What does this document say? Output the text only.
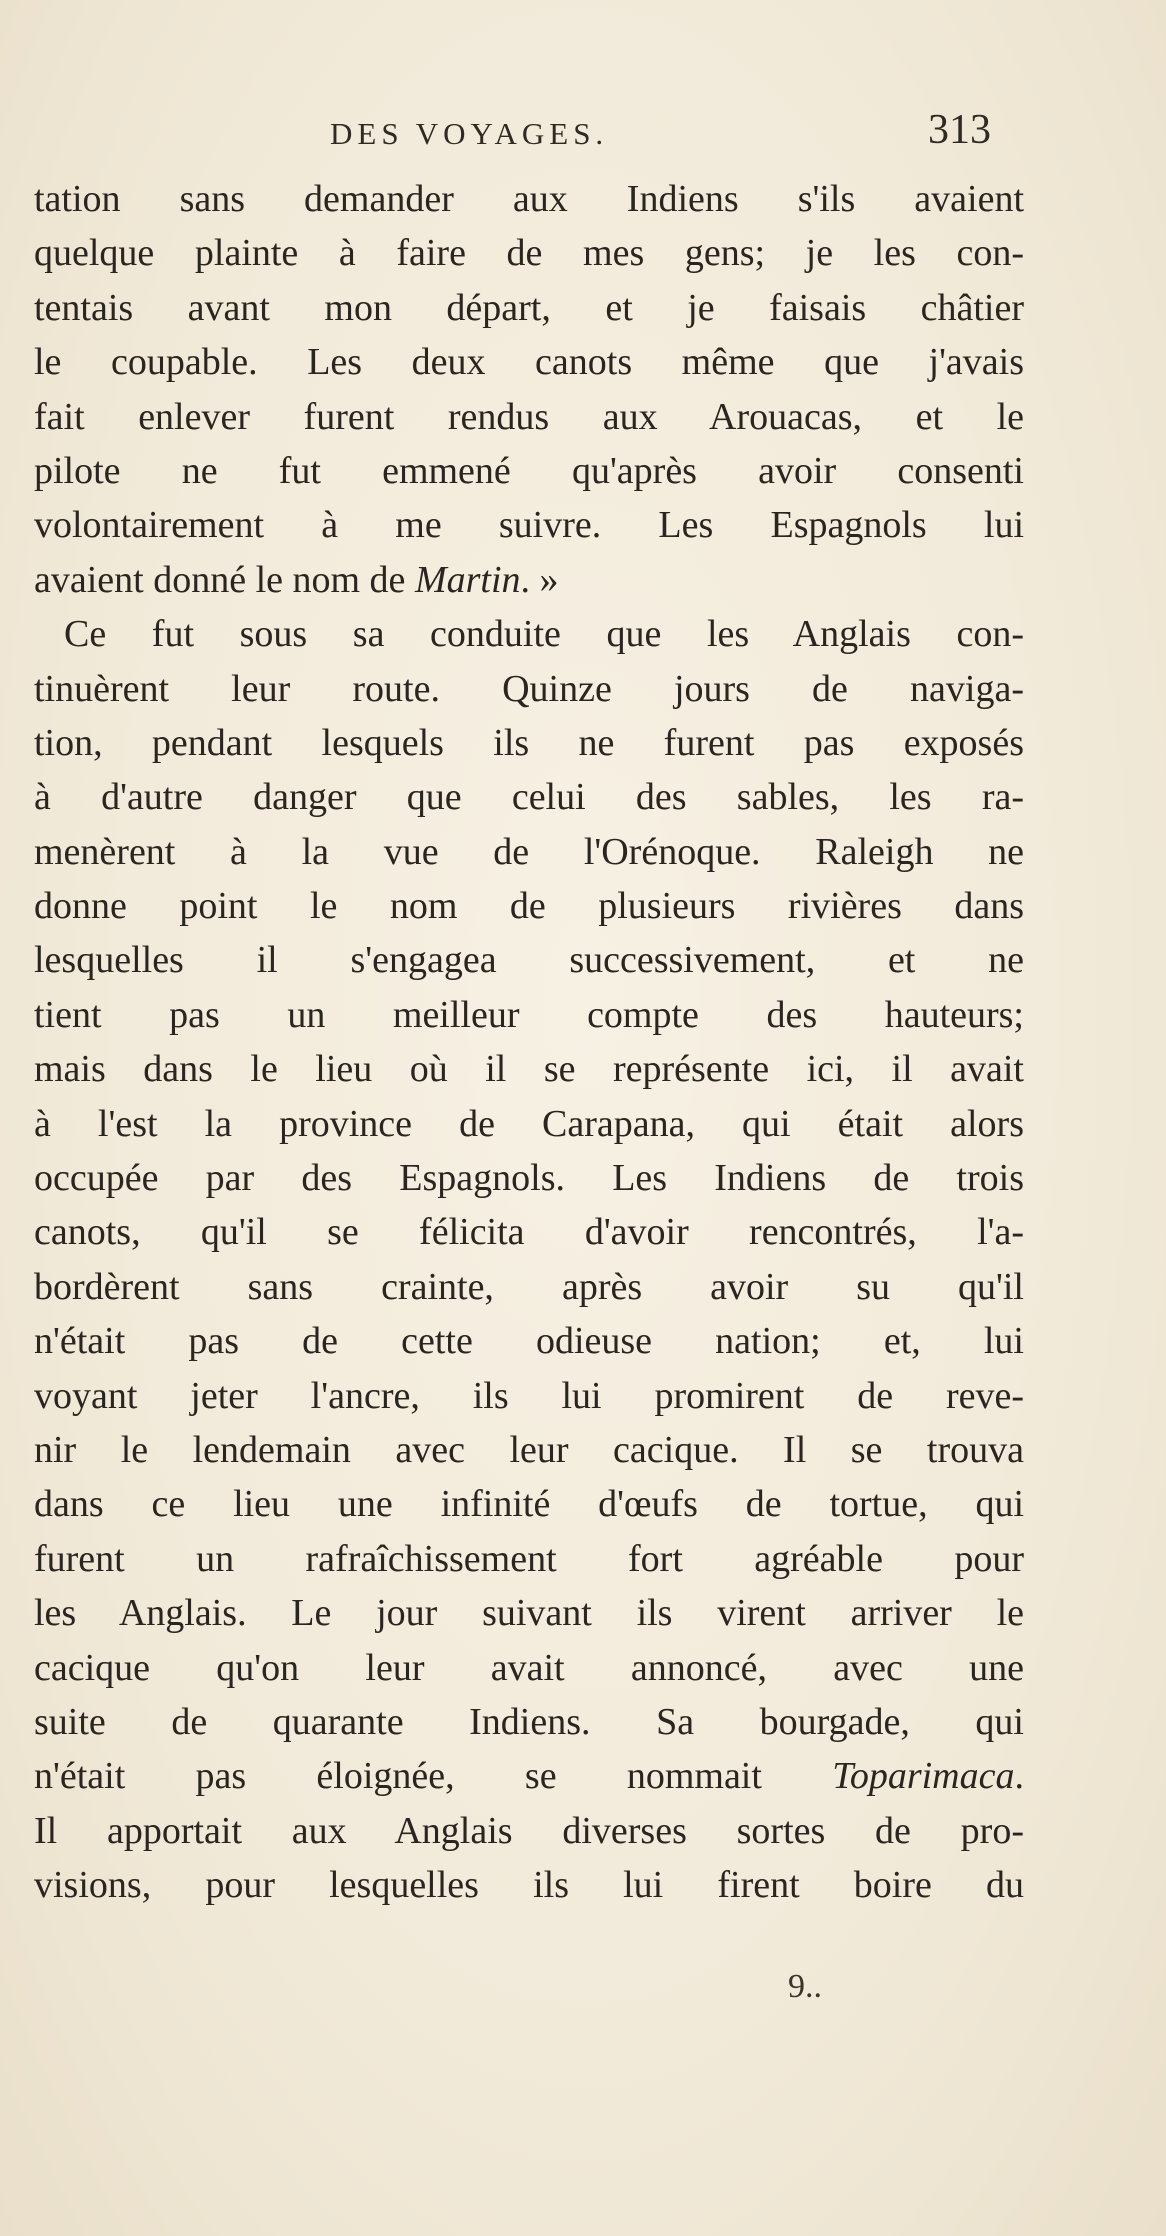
DES VOYAGES.	313
tation sans demander aux Indiens s'ils avaient
quelque plainte à faire de mes gens; je les con-
tentais avant mon départ, et je faisais châtier
le coupable. Les deux canots même que j'avais
fait enlever furent rendus aux Arouacas, et le
pilote ne fut emmené qu'après avoir consenti
volontairement à me suivre. Les Espagnols lui
avaient donné le nom de Martin. »
Ce fut sous sa conduite que les Anglais con-
tinuèrent leur route. Quinze jours de naviga-
tion, pendant lesquels ils ne furent pas exposés
à d'autre danger que celui des sables, les ra-
menèrent à la vue de l'Orénoque. Raleigh ne
donne point le nom de plusieurs rivières dans
lesquelles il s'engagea successivement, et ne
tient pas un meilleur compte des hauteurs;
mais dans le lieu où il se représente ici, il avait
à l'est la province de Carapana, qui était alors
occupée par des Espagnols. Les Indiens de trois
canots, qu'il se félicita d'avoir rencontrés, l'a-
bordèrent sans crainte, après avoir su qu'il
n'était pas de cette odieuse nation; et, lui
voyant jeter l'ancre, ils lui promirent de reve-
nir le lendemain avec leur cacique. Il se trouva
dans ce lieu une infinité d'œufs de tortue, qui
furent un rafraîchissement fort agréable pour
les Anglais. Le jour suivant ils virent arriver le
cacique qu'on leur avait annoncé, avec une
suite de quarante Indiens. Sa bourgade, qui
n'était pas éloignée, se nommait Toparimaca.
Il apportait aux Anglais diverses sortes de pro-
visions, pour lesquelles ils lui firent boire du
9..
